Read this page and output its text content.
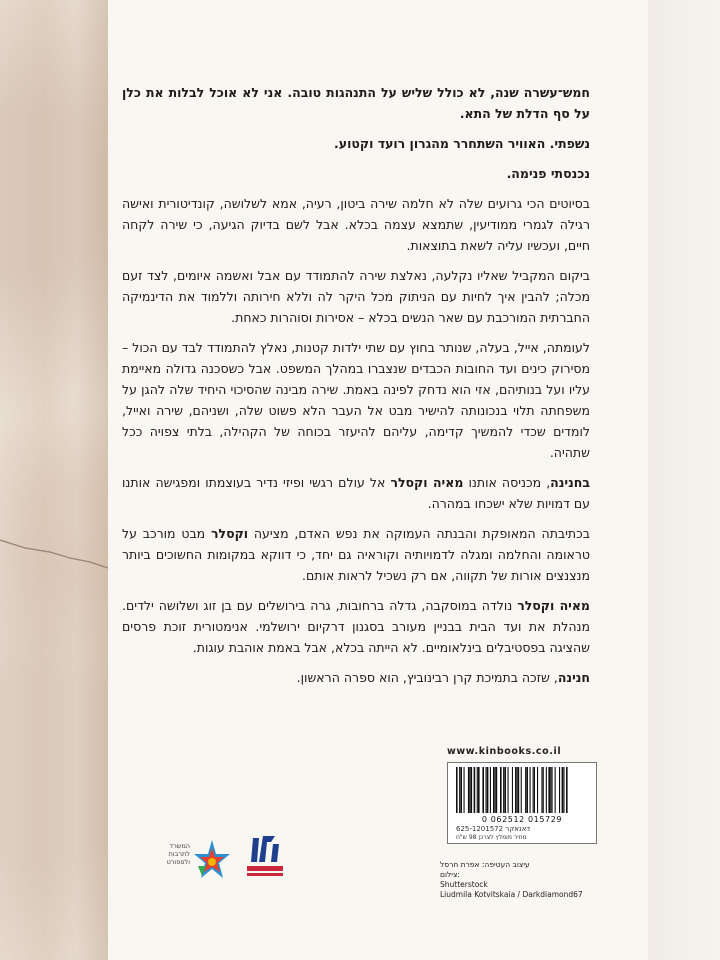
חמש־עשרה שנה, לא כולל שליש על התנהגות טובה. אני לא אוכל לבלות את כלן על סף הדלת של התא.

נשפתי. האוויר השתחרר מהגרון רועד וקטוע.

נכנסתי פנימה.

בסיוטים הכי גרועים שלה לא חלמה שירה ביטון, רעיה, אמא לשלושה, קונדיטורית ואישה רגילה לגמרי ממודיעין, שתמצא עצמה בכלא. אבל לשם בדיוק הגיעה, כי שירה לקחה חיים, ועכשיו עליה לשאת בתוצאות.

ביקום המקביל שאליו נקלעה, נאלצת שירה להתמודד עם אבל ואשמה איומים, לצד זעם מכלה; להבין איך לחיות עם הניתוק מכל היקר לה וללא חירותה וללמוד את הדינמיקה החברתית המורכבת עם שאר הנשים בכלא – אסירות וסוהרות כאחת.

לעומתה, אייל, בעלה, שנותר בחוץ עם שתי ילדות קטנות, נאלץ להתמודד לבד עם הכול – מסירוק כינים ועד החובות הכבדים שנצברו במהלך המשפט. אבל כשסכנה גדולה מאיימת עליו ועל בנותיהם, אזי הוא נדחק לפינה באמת. שירה מבינה שהסיכוי היחיד שלה להגן על משפחתה תלוי בנכונותה להישיר מבט אל העבר הלא פשוט שלה, ושניהם, שירה ואייל, לומדים שכדי להמשיך קדימה, עליהם להיעזר בכוחה של הקהילה, בלתי צפויה ככל שתהיה.

בחנינה, מכניסה אותנו מאיה וקסלר אל עולם רגשי ופיזי נדיר בעוצמתו ומפגישה אותנו עם דמויות שלא ישכחו במהרה.

בכתיבתה המאופקת והבנתה העמוקה את נפש האדם, מציעה וקסלר מבט מורכב על טראומה והחלמה ומגלה לדמויותיה וקוראיה גם יחד, כי דווקא במקומות החשוכים ביותר מנצנצים אורות של תקווה, אם רק נשכיל לראות אותם.

מאיה וקסלר נולדה במוסקבה, גדלה ברחובות, גרה בירושלים עם בן זוג ושלושה ילדים. מנהלת את ועד הבית בבניין מעורב בסגנון דרקיום ירושלמי. אנימטורית זוכת פרסים שהציגה בפסטיבלים בינלאומיים. לא הייתה בכלא, אבל באמת אוהבת עוגות.

חנינה, שזכה בתמיכת קרן רבינוביץ, הוא ספרה הראשון.

www.kinbooks.co.il
0 062512 015729
625-1201572 דאנאקר
מחיר מומלץ לצרכן 98 ש"ח
עיצוב העטיפה: אפרת חרסל
צילום:
Shutterstock
Liudmila Kotvitskaia / Darkdiamond67
המשרד לתרבות ולספורט
